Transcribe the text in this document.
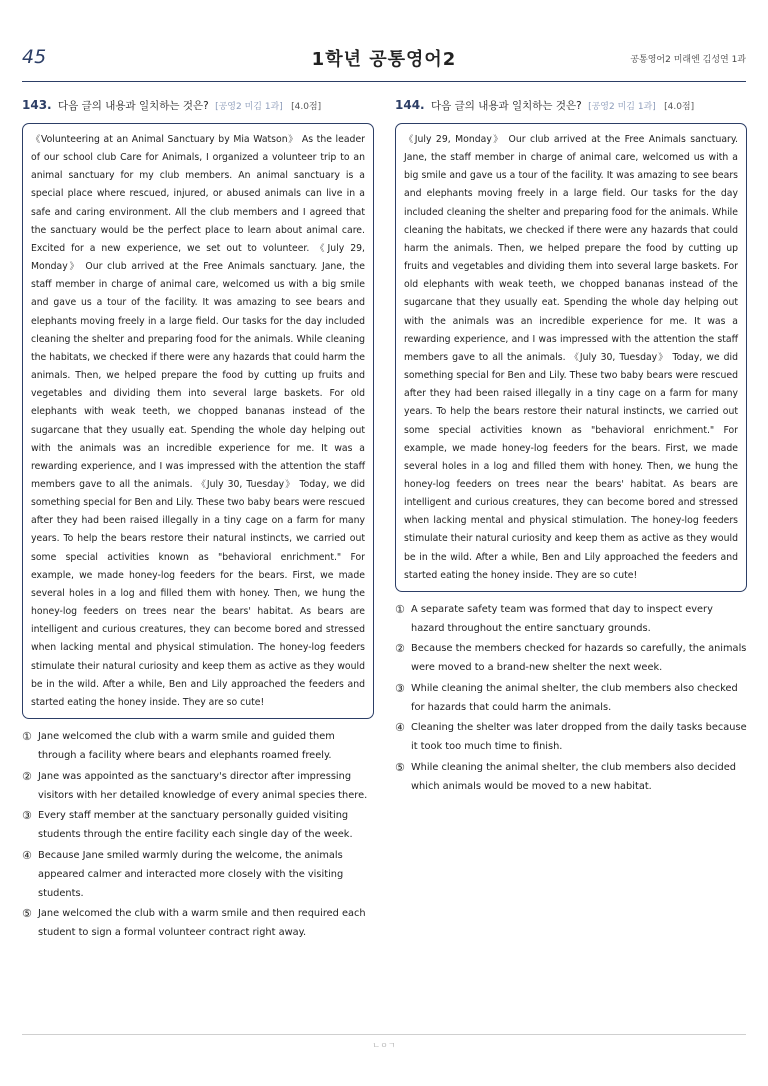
45	1학년 공통영어2	공통영어2 미래엔 김성연 1과
143. 다음 글의 내용과 일치하는 것은? [공영2 미김 1과] [4.0점]
《Volunteering at an Animal Sanctuary by Mia Watson》 As the leader of our school club Care for Animals, I organized a volunteer trip to an animal sanctuary for my club members. An animal sanctuary is a special place where rescued, injured, or abused animals can live in a safe and caring environment. All the club members and I agreed that the sanctuary would be the perfect place to learn about animal care. Excited for a new experience, we set out to volunteer. 《July 29, Monday》 Our club arrived at the Free Animals sanctuary. Jane, the staff member in charge of animal care, welcomed us with a big smile and gave us a tour of the facility. It was amazing to see bears and elephants moving freely in a large field. Our tasks for the day included cleaning the shelter and preparing food for the animals. While cleaning the habitats, we checked if there were any hazards that could harm the animals. Then, we helped prepare the food by cutting up fruits and vegetables and dividing them into several large baskets. For old elephants with weak teeth, we chopped bananas instead of the sugarcane that they usually eat. Spending the whole day helping out with the animals was an incredible experience for me. It was a rewarding experience, and I was impressed with the attention the staff members gave to all the animals. 《July 30, Tuesday》 Today, we did something special for Ben and Lily. These two baby bears were rescued after they had been raised illegally in a tiny cage on a farm for many years. To help the bears restore their natural instincts, we carried out some special activities known as "behavioral enrichment." For example, we made honey-log feeders for the bears. First, we made several holes in a log and filled them with honey. Then, we hung the honey-log feeders on trees near the bears' habitat. As bears are intelligent and curious creatures, they can become bored and stressed when lacking mental and physical stimulation. The honey-log feeders stimulate their natural curiosity and keep them as active as they would be in the wild. After a while, Ben and Lily approached the feeders and started eating the honey inside. They are so cute!
① Jane welcomed the club with a warm smile and guided them through a facility where bears and elephants roamed freely.
② Jane was appointed as the sanctuary's director after impressing visitors with her detailed knowledge of every animal species there.
③ Every staff member at the sanctuary personally guided visiting students through the entire facility each single day of the week.
④ Because Jane smiled warmly during the welcome, the animals appeared calmer and interacted more closely with the visiting students.
⑤ Jane welcomed the club with a warm smile and then required each student to sign a formal volunteer contract right away.
144. 다음 글의 내용과 일치하는 것은? [공영2 미김 1과] [4.0점]
《July 29, Monday》 Our club arrived at the Free Animals sanctuary. Jane, the staff member in charge of animal care, welcomed us with a big smile and gave us a tour of the facility. It was amazing to see bears and elephants moving freely in a large field. Our tasks for the day included cleaning the shelter and preparing food for the animals. While cleaning the habitats, we checked if there were any hazards that could harm the animals. Then, we helped prepare the food by cutting up fruits and vegetables and dividing them into several large baskets. For old elephants with weak teeth, we chopped bananas instead of the sugarcane that they usually eat. Spending the whole day helping out with the animals was an incredible experience for me. It was a rewarding experience, and I was impressed with the attention the staff members gave to all the animals. 《July 30, Tuesday》 Today, we did something special for Ben and Lily. These two baby bears were rescued after they had been raised illegally in a tiny cage on a farm for many years. To help the bears restore their natural instincts, we carried out some special activities known as "behavioral enrichment." For example, we made honey-log feeders for the bears. First, we made several holes in a log and filled them with honey. Then, we hung the honey-log feeders on trees near the bears' habitat. As bears are intelligent and curious creatures, they can become bored and stressed when lacking mental and physical stimulation. The honey-log feeders stimulate their natural curiosity and keep them as active as they would be in the wild. After a while, Ben and Lily approached the feeders and started eating the honey inside. They are so cute!
① A separate safety team was formed that day to inspect every hazard throughout the entire sanctuary grounds.
② Because the members checked for hazards so carefully, the animals were moved to a brand-new shelter the next week.
③ While cleaning the animal shelter, the club members also checked for hazards that could harm the animals.
④ Cleaning the shelter was later dropped from the daily tasks because it took too much time to finish.
⑤ While cleaning the animal shelter, the club members also decided which animals would be moved to a new habitat.
ㄴㅇㄱ
